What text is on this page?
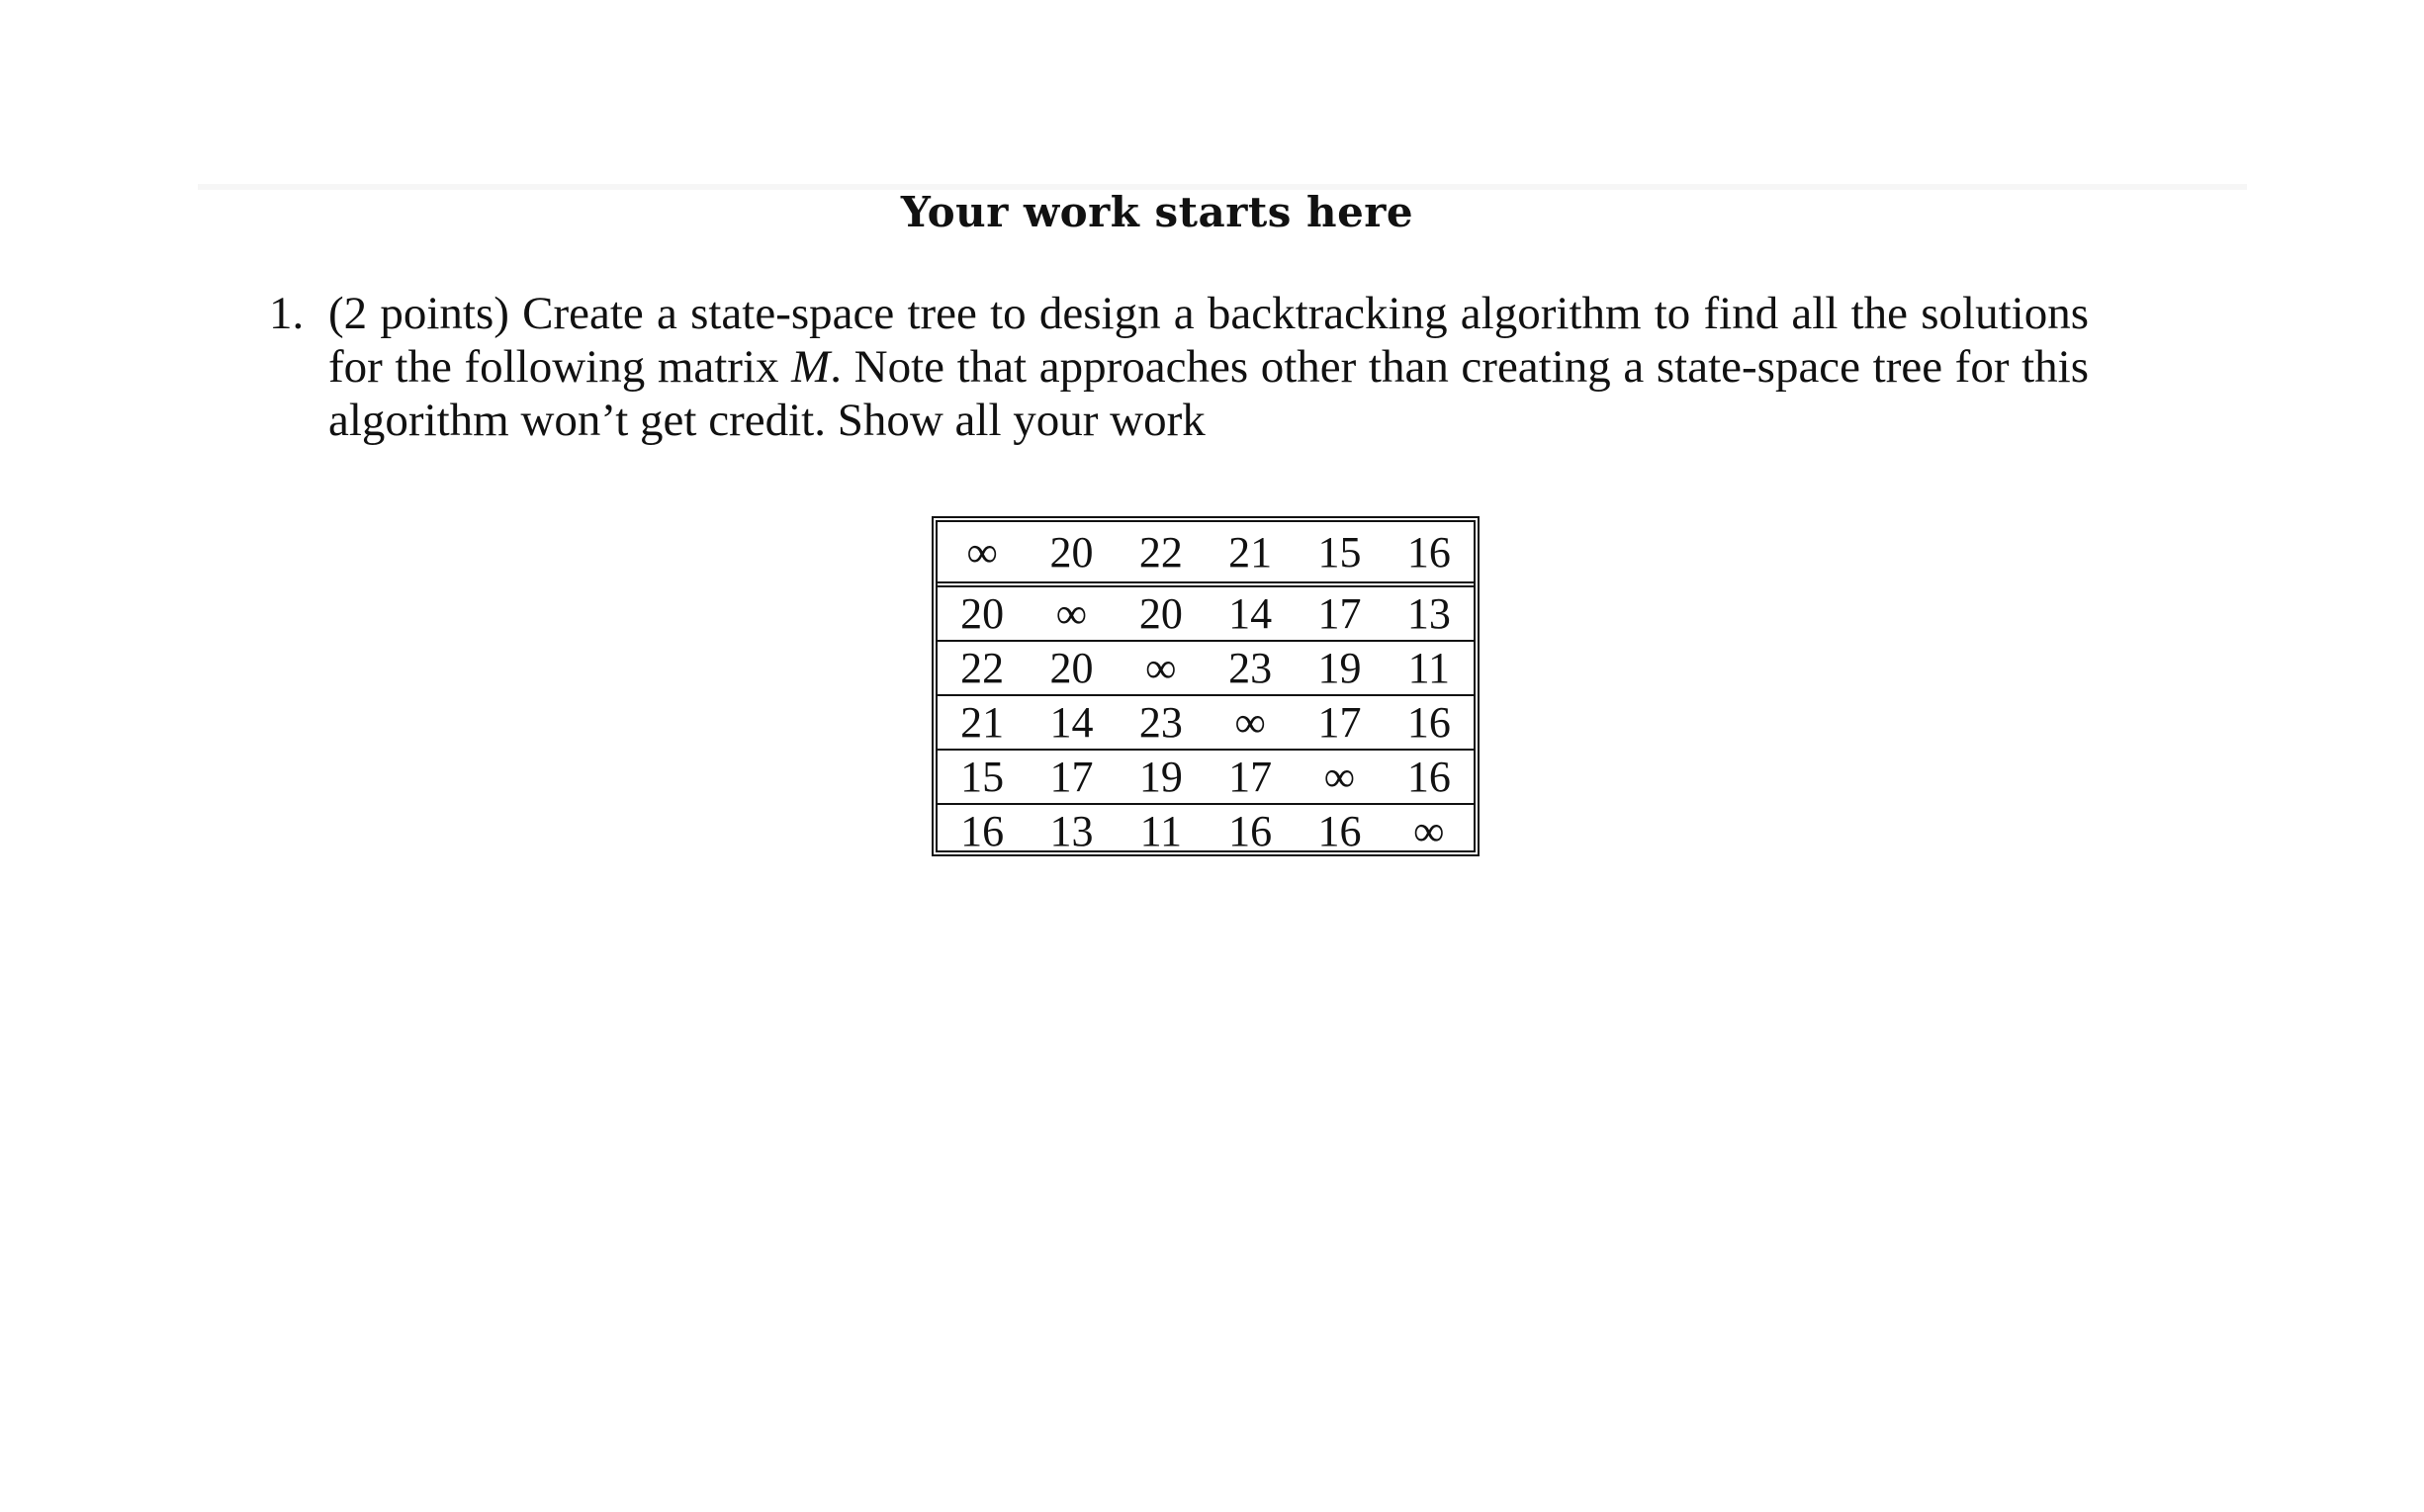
Your work starts here
1. (2 points) Create a state-space tree to design a backtracking algorithm to find all the solutions for the following matrix M. Note that approaches other than creating a state-space tree for this algorithm won’t get credit. Show all your work
∞	20	22	21	15	16
20	∞	20	14	17	13
22	20	∞	23	19	11
21	14	23	∞	17	16
15	17	19	17	∞	16
16	13	11	16	16	∞
